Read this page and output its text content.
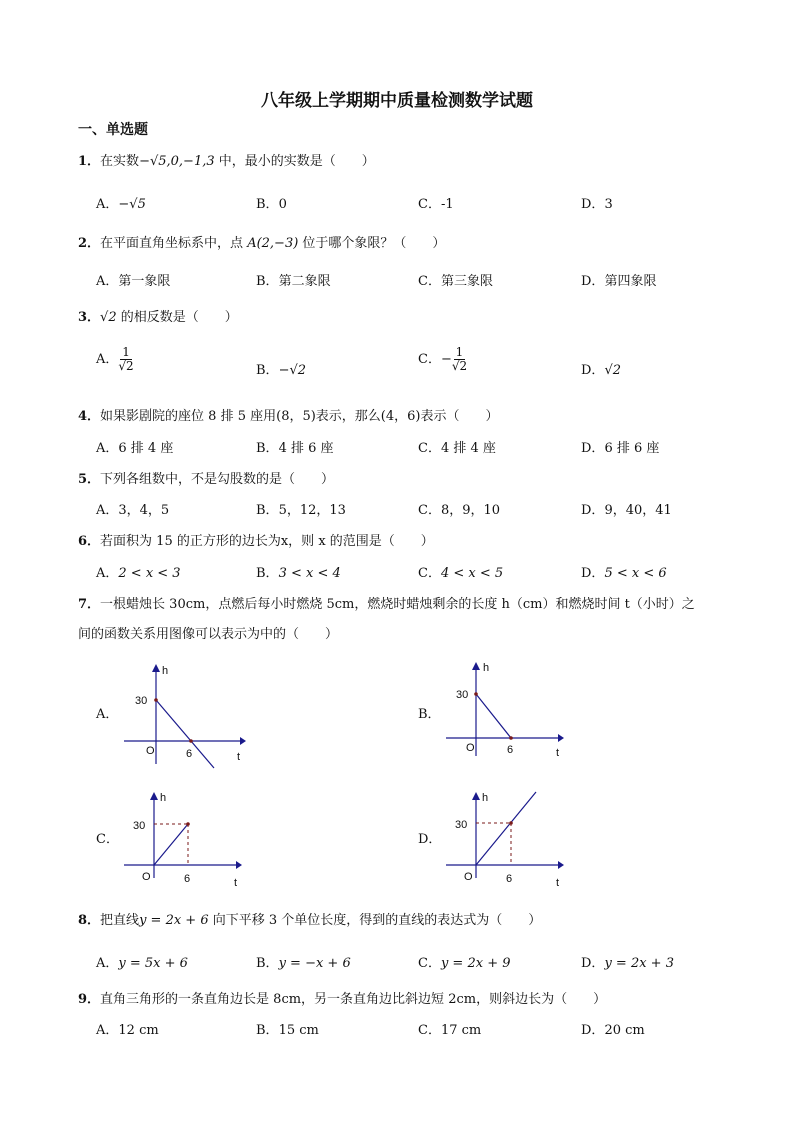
八年级上学期期中质量检测数学试题
一、单选题
1．在实数−√5,0,−1,3 中，最小的实数是（　　）
A．−√5	B．0	C．-1	D．3
2．在平面直角坐标系中，点 A(2,−3) 位于哪个象限？（　　）
A．第一象限	B．第二象限	C．第三象限	D．第四象限
3．√2 的相反数是（　　）
A． $\frac{1}{√2}$	B．−√2
C．− $\frac{1}{√2}$	D．√2
4．如果影剧院的座位 8 排 5 座用(8，5)表示，那么(4，6)表示（　　）
A．6 排 4 座	B．4 排 6 座	C．4 排 4 座	D．6 排 6 座
5．下列各组数中，不是勾股数的是（　　）
A．3，4，5	B．5，12，13	C．8，9，10	D．9，40，41
6．若面积为 15 的正方形的边长为x，则 x 的范围是（　　）
A．2 < x < 3	B．3 < x < 4	C．4 < x < 5	D．5 < x < 6
7．一根蜡烛长 30cm，点燃后每小时燃烧 5cm，燃烧时蜡烛剩余的长度 h（cm）和燃烧时间 t（小时）之
间的函数关系用图像可以表示为中的（　　）
A．	B．
C．	D．
h
t
O
30
6
h
t
O
30
6
h
t
O
30
6
h
t
O
30
6
8．把直线y = 2x + 6 向下平移 3 个单位长度，得到的直线的表达式为（　　）
A．y = 5x + 6	B．y = −x + 6	C．y = 2x + 9	D．y = 2x + 3
9．直角三角形的一条直角边长是 8cm，另一条直角边比斜边短 2cm，则斜边长为（　　）
A．12 cm	B．15 cm	C．17 cm	D．20 cm
